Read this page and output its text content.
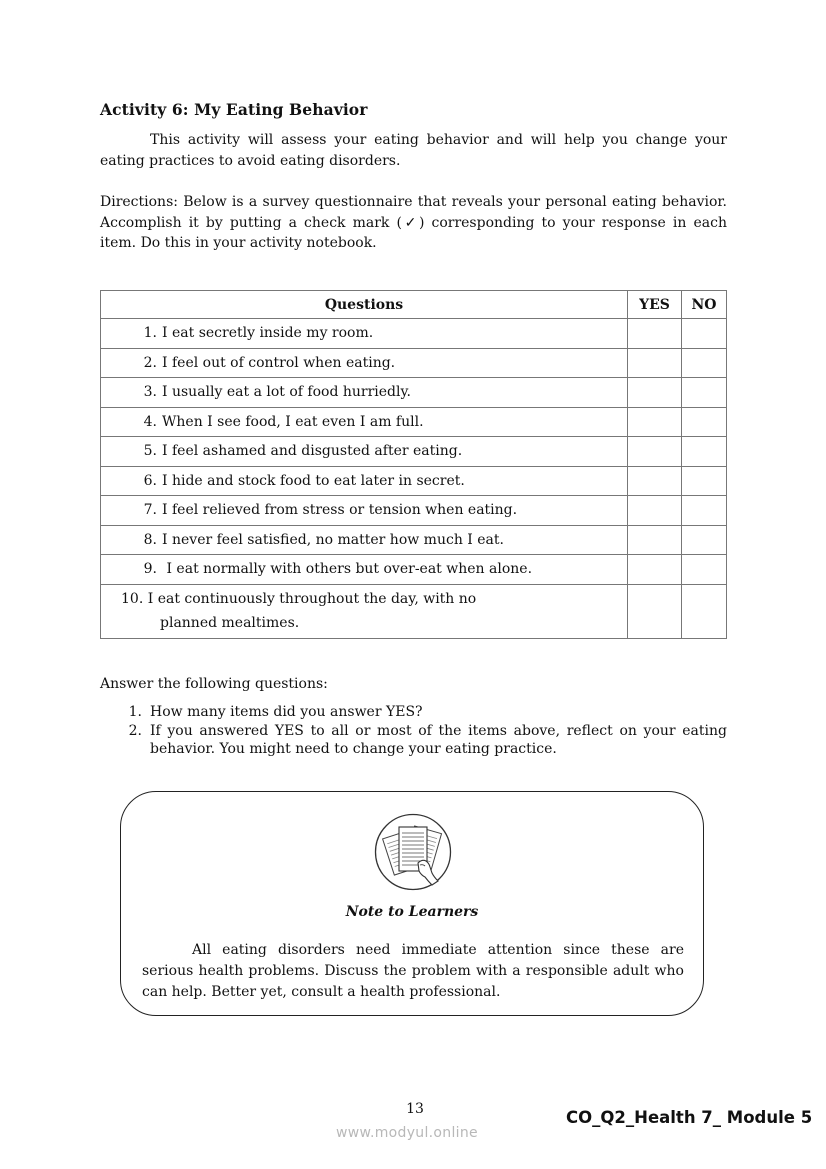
Activity 6: My Eating Behavior

This activity will assess your eating behavior and will help you change your eating practices to avoid eating disorders.

Directions: Below is a survey questionnaire that reveals your personal eating behavior. Accomplish it by putting a check mark (✓) corresponding to your response in each item. Do this in your activity notebook.

Questions	YES	NO
1. I eat secretly inside my room.		
2. I feel out of control when eating.		
3. I usually eat a lot of food hurriedly.		
4. When I see food, I eat even I am full.		
5. I feel ashamed and disgusted after eating.		
6. I hide and stock food to eat later in secret.		
7. I feel relieved from stress or tension when eating.		
8. I never feel satisfied, no matter how much I eat.		
9. I eat normally with others but over-eat when alone.		
10. I eat continuously throughout the day, with no
planned mealtimes.		

Answer the following questions:
1. How many items did you answer YES?
2. If you answered YES to all or most of the items above, reflect on your eating behavior. You might need to change your eating practice.
Note to Learners

All eating disorders need immediate attention since these are serious health problems. Discuss the problem with a responsible adult who can help. Better yet, consult a health professional.

13	CO_Q2_Health 7_ Module 5
www.modyul.online
